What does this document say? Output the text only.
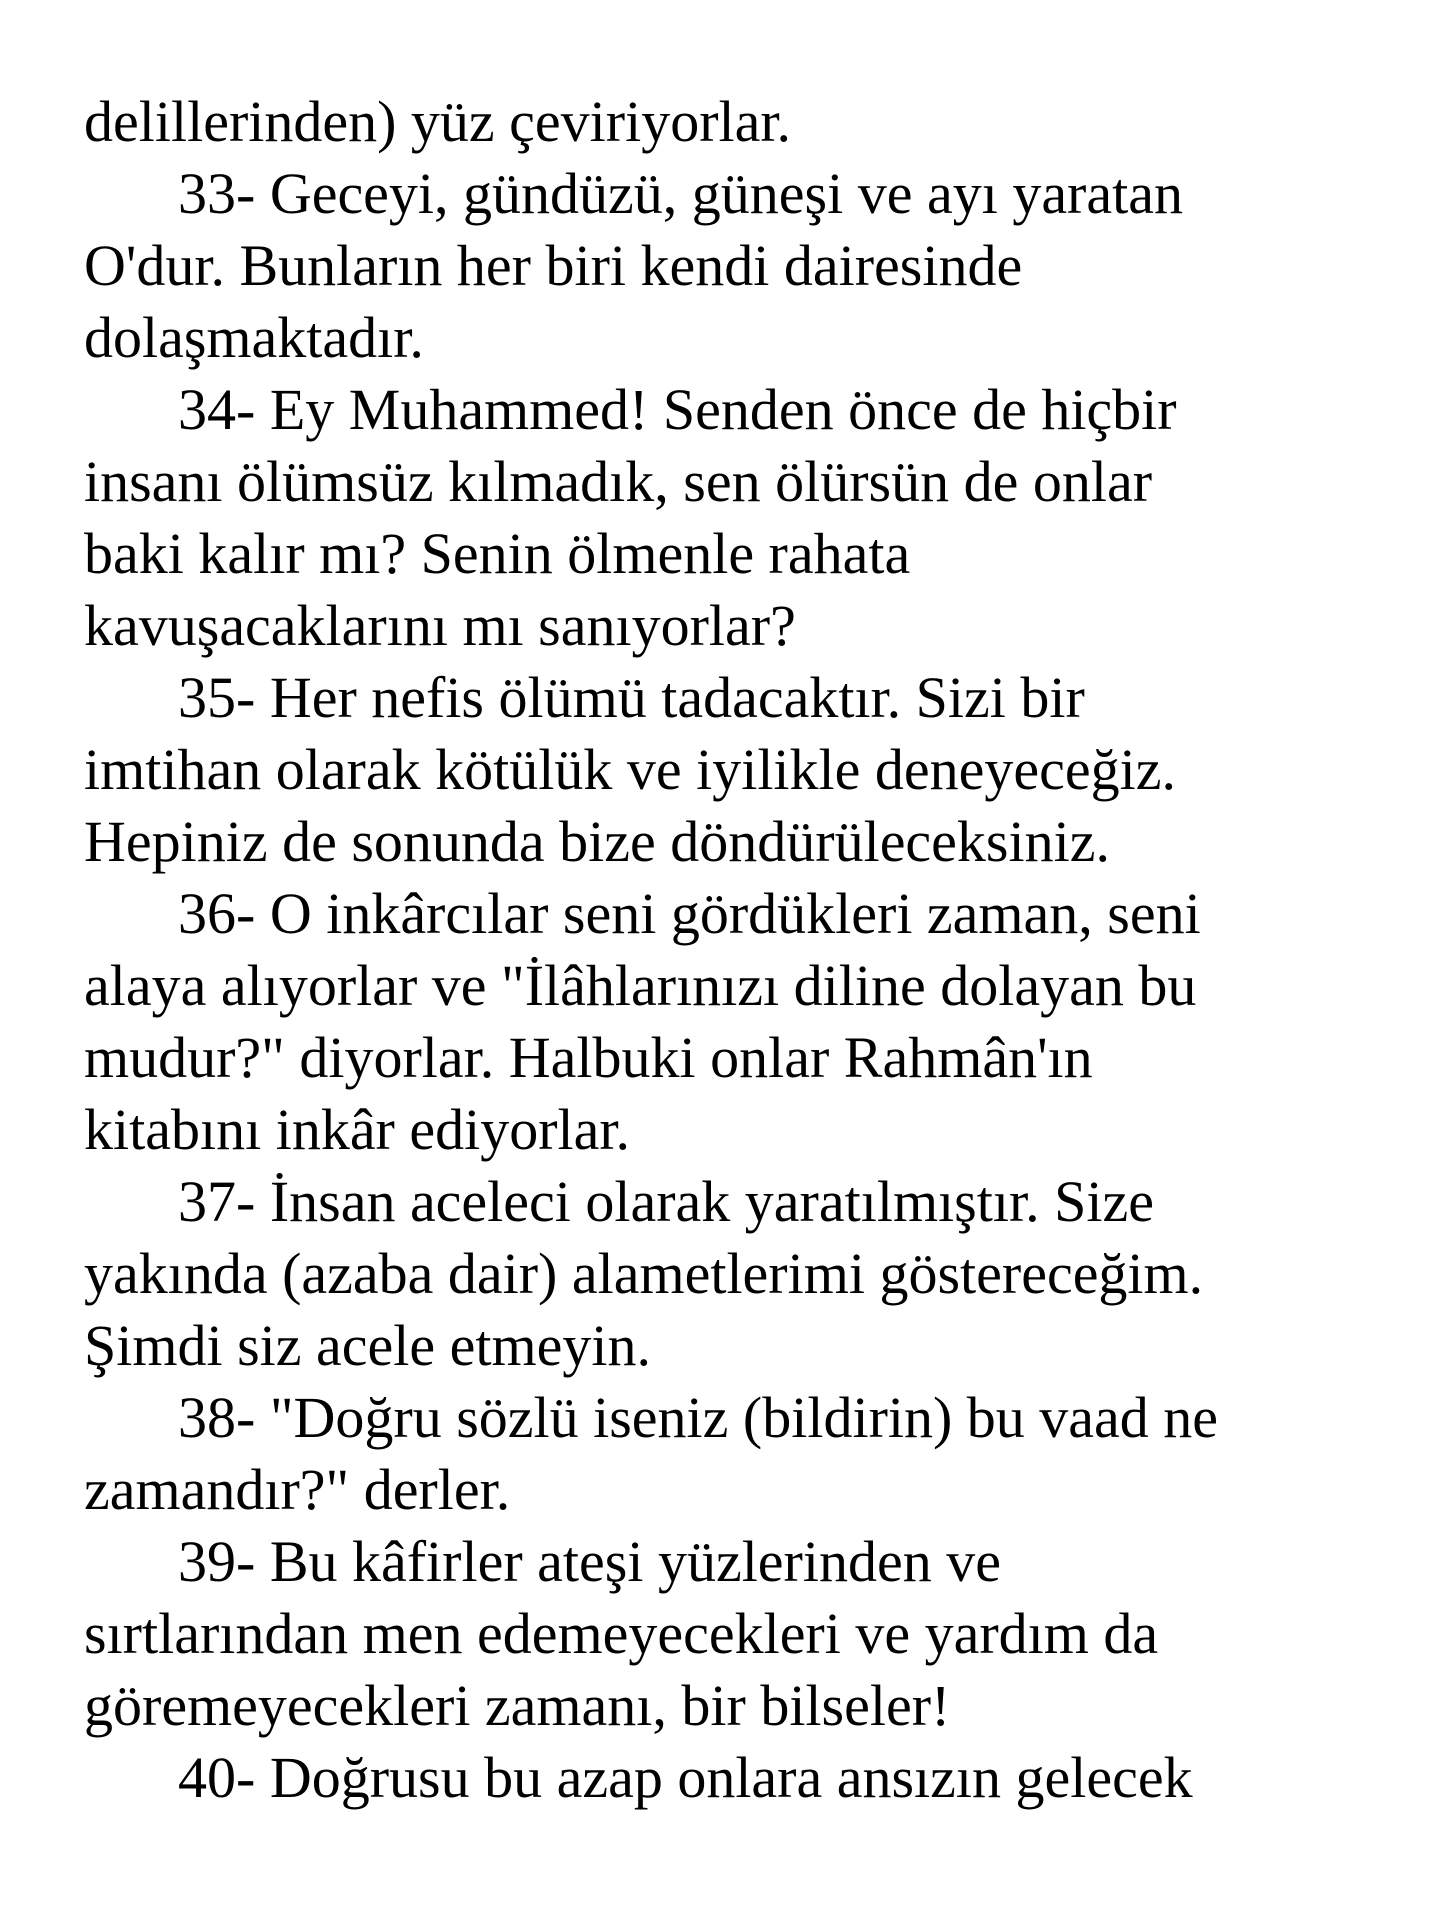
delillerinden) yüz çeviriyorlar.
33- Geceyi, gündüzü, güneşi ve ayı yaratan
O'dur. Bunların her biri kendi dairesinde
dolaşmaktadır.
34- Ey Muhammed! Senden önce de hiçbir
insanı ölümsüz kılmadık, sen ölürsün de onlar
baki kalır mı? Senin ölmenle rahata
kavuşacaklarını mı sanıyorlar?
35- Her nefis ölümü tadacaktır. Sizi bir
imtihan olarak kötülük ve iyilikle deneyeceğiz.
Hepiniz de sonunda bize döndürüleceksiniz.
36- O inkârcılar seni gördükleri zaman, seni
alaya alıyorlar ve "İlâhlarınızı diline dolayan bu
mudur?" diyorlar. Halbuki onlar Rahmân'ın
kitabını inkâr ediyorlar.
37- İnsan aceleci olarak yaratılmıştır. Size
yakında (azaba dair) alametlerimi göstereceğim.
Şimdi siz acele etmeyin.
38- "Doğru sözlü iseniz (bildirin) bu vaad ne
zamandır?" derler.
39- Bu kâfirler ateşi yüzlerinden ve
sırtlarından men edemeyecekleri ve yardım da
göremeyecekleri zamanı, bir bilseler!
40- Doğrusu bu azap onlara ansızın gelecek
